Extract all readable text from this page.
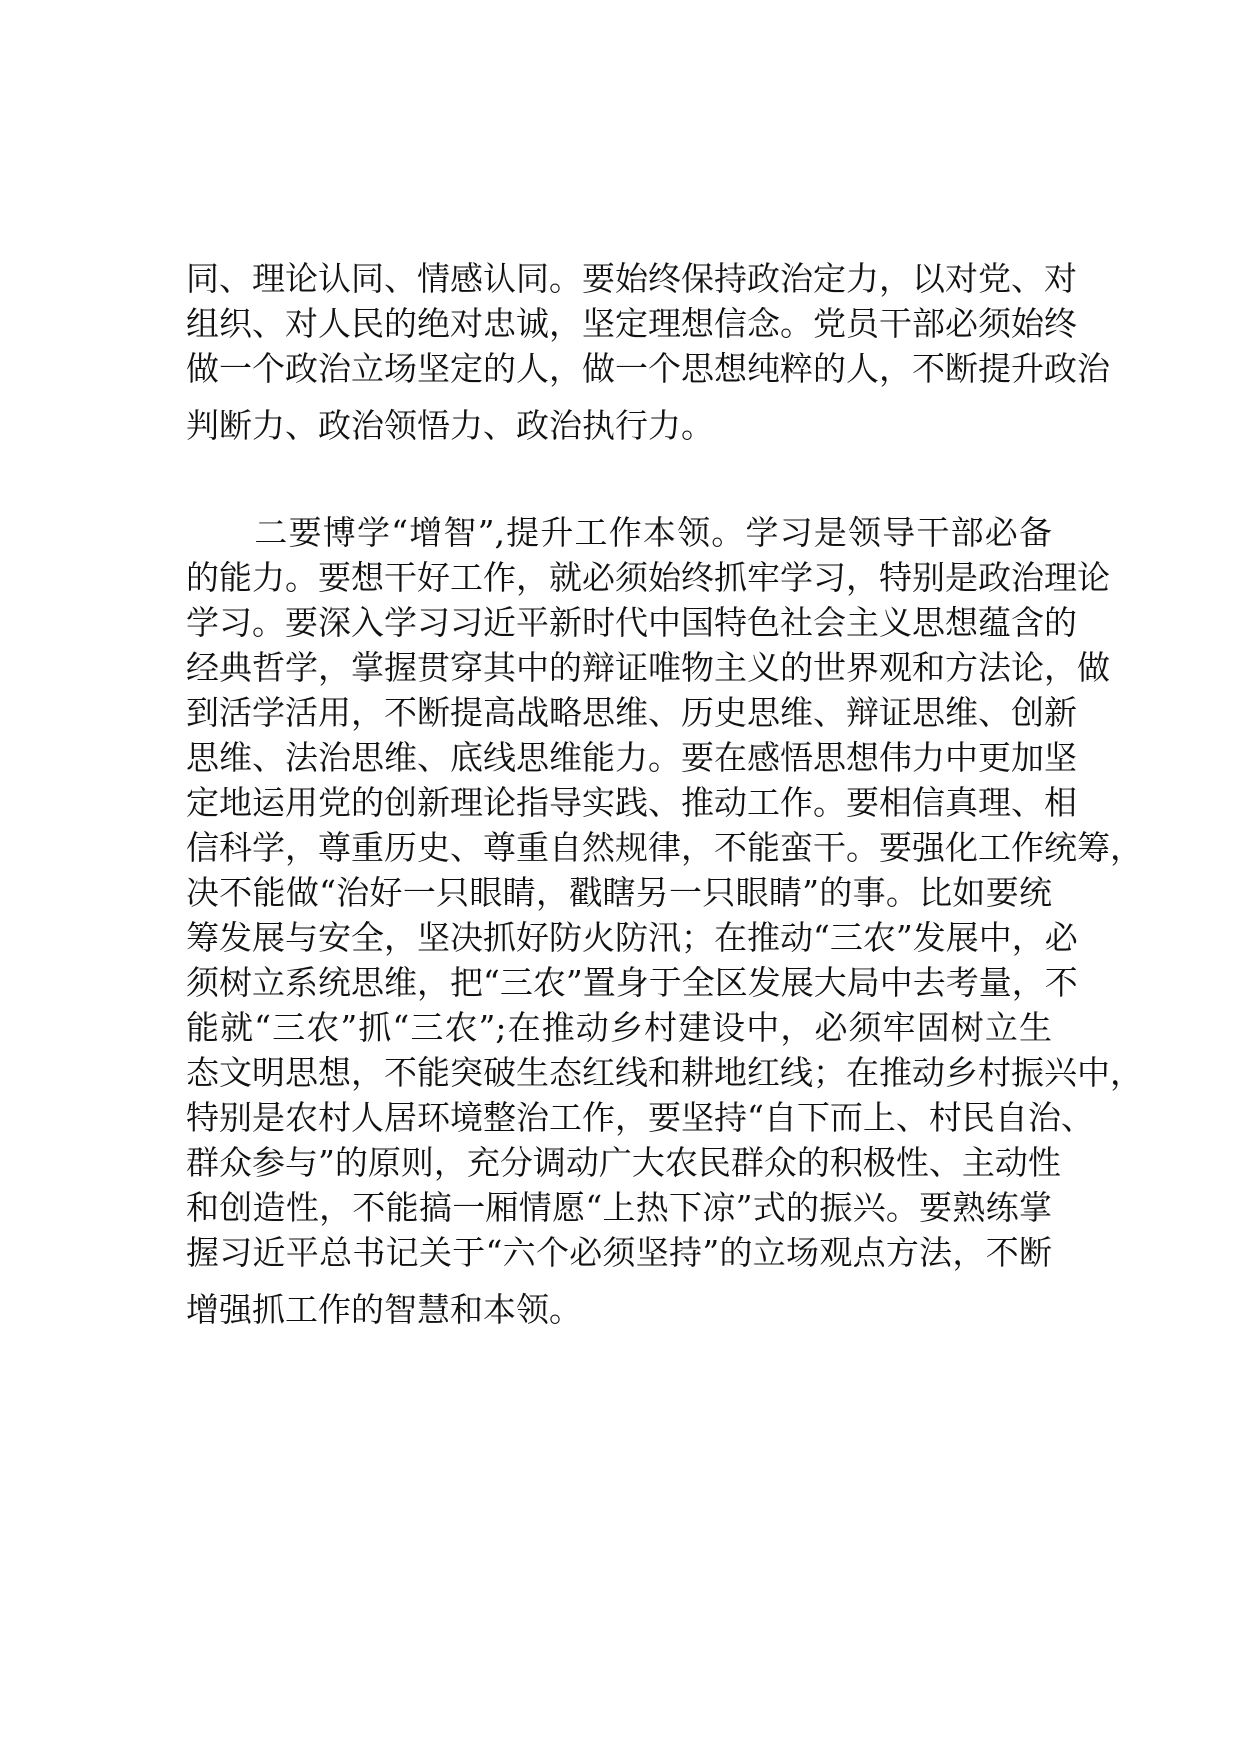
同、理论认同、情感认同。要始终保持政治定力，以对党、对
组织、对人民的绝对忠诚，坚定理想信念。党员干部必须始终
做一个政治立场坚定的人，做一个思想纯粹的人，不断提升政治
判断力、政治领悟力、政治执行力。
　　二要博学“增智”,提升工作本领。学习是领导干部必备
的能力。要想干好工作，就必须始终抓牢学习，特别是政治理论
学习。要深入学习习近平新时代中国特色社会主义思想蕴含的
经典哲学，掌握贯穿其中的辩证唯物主义的世界观和方法论，做
到活学活用，不断提高战略思维、历史思维、辩证思维、创新
思维、法治思维、底线思维能力。要在感悟思想伟力中更加坚
定地运用党的创新理论指导实践、推动工作。要相信真理、相
信科学，尊重历史、尊重自然规律，不能蛮干。要强化工作统筹，
决不能做“治好一只眼睛，戳瞎另一只眼睛”的事。比如要统
筹发展与安全，坚决抓好防火防汛；在推动“三农”发展中，必
须树立系统思维，把“三农”置身于全区发展大局中去考量，不
能就“三农”抓“三农”;在推动乡村建设中，必须牢固树立生
态文明思想，不能突破生态红线和耕地红线；在推动乡村振兴中，
特别是农村人居环境整治工作，要坚持“自下而上、村民自治、
群众参与”的原则，充分调动广大农民群众的积极性、主动性
和创造性，不能搞一厢情愿“上热下凉”式的振兴。要熟练掌
握习近平总书记关于“六个必须坚持”的立场观点方法，不断
增强抓工作的智慧和本领。
